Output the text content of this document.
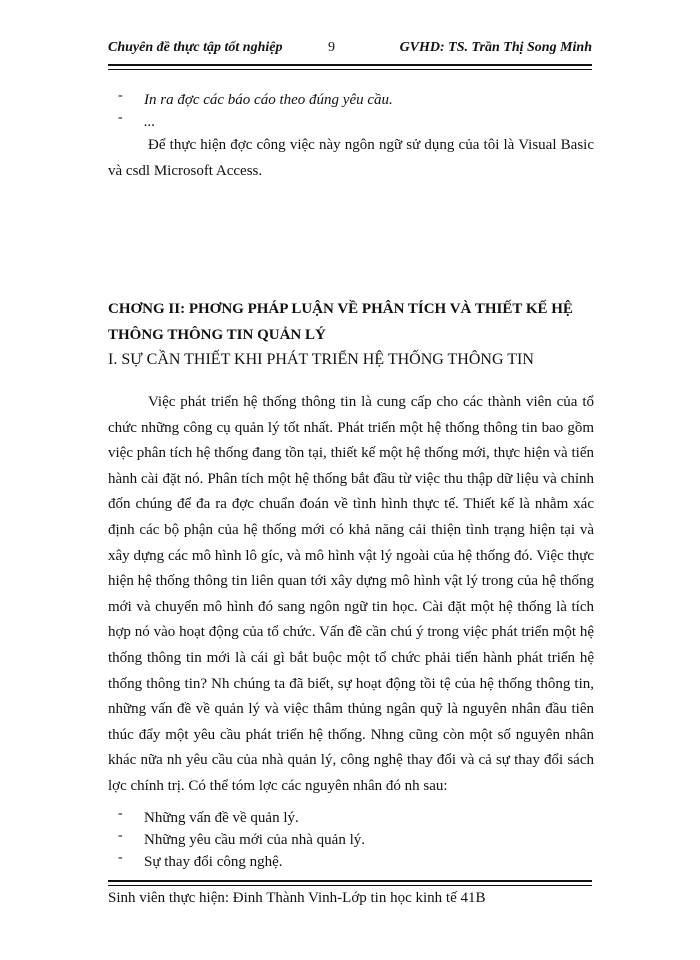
Chuyên đề thực tập tốt nghiệp	9	GVHD: TS. Trần Thị Song Minh
- In ra đợc các báo cáo theo đúng yêu cầu.
- ...
Để thực hiện đợc công việc này ngôn ngữ sử dụng của tôi là Visual Basic và csdl Microsoft Access.
CHƠNG II: PHƠNG PHÁP LUẬN VỀ PHÂN TÍCH VÀ THIẾT KẾ HỆ THÔNG THÔNG TIN QUẢN LÝ
I. SỰ CẦN THIẾT KHI PHÁT TRIỂN HỆ THỐNG THÔNG TIN
Việc phát triển hệ thống thông tin là cung cấp cho các thành viên của tổ chức những công cụ quản lý tốt nhất. Phát triển một hệ thống thông tin bao gồm việc phân tích hệ thống đang tồn tại, thiết kế một hệ thống mới, thực hiện và tiến hành cài đặt nó. Phân tích một hệ thống bắt đầu từ việc thu thập dữ liệu và chỉnh đốn chúng để đa ra đợc chuẩn đoán về tình hình thực tế. Thiết kế là nhằm xác định các bộ phận của hệ thống mới có khả năng cải thiện tình trạng hiện tại và xây dựng các mô hình lô gíc, và mô hình vật lý ngoài của hệ thống đó. Việc thực hiện hệ thống thông tin liên quan tới xây dựng mô hình vật lý trong của hệ thống mới và chuyển mô hình đó sang ngôn ngữ tin học. Cài đặt một hệ thống là tích hợp nó vào hoạt động của tổ chức. Vấn đề cần chú ý trong việc phát triển một hệ thống thông tin mới là cái gì bắt buộc một tổ chức phải tiến hành phát triển hệ thống thông tin? Nh chúng ta đã biết, sự hoạt động tồi tệ của hệ thống thông tin, những vấn đề về quản lý và việc thâm thủng ngân quỹ là nguyên nhân đầu tiên thúc đẩy một yêu cầu phát triển hệ thống. Nhng cũng còn một số nguyên nhân khác nữa nh yêu cầu của nhà quản lý, công nghệ thay đổi và cả sự thay đổi sách lợc chính trị. Có thể tóm lợc các nguyên nhân đó nh sau:
- Những vấn đề về quản lý.
- Những yêu cầu mới của nhà quản lý.
- Sự thay đổi công nghệ.
Sinh viên thực hiện: Đinh Thành Vinh-Lớp tin học kinh tế 41B
